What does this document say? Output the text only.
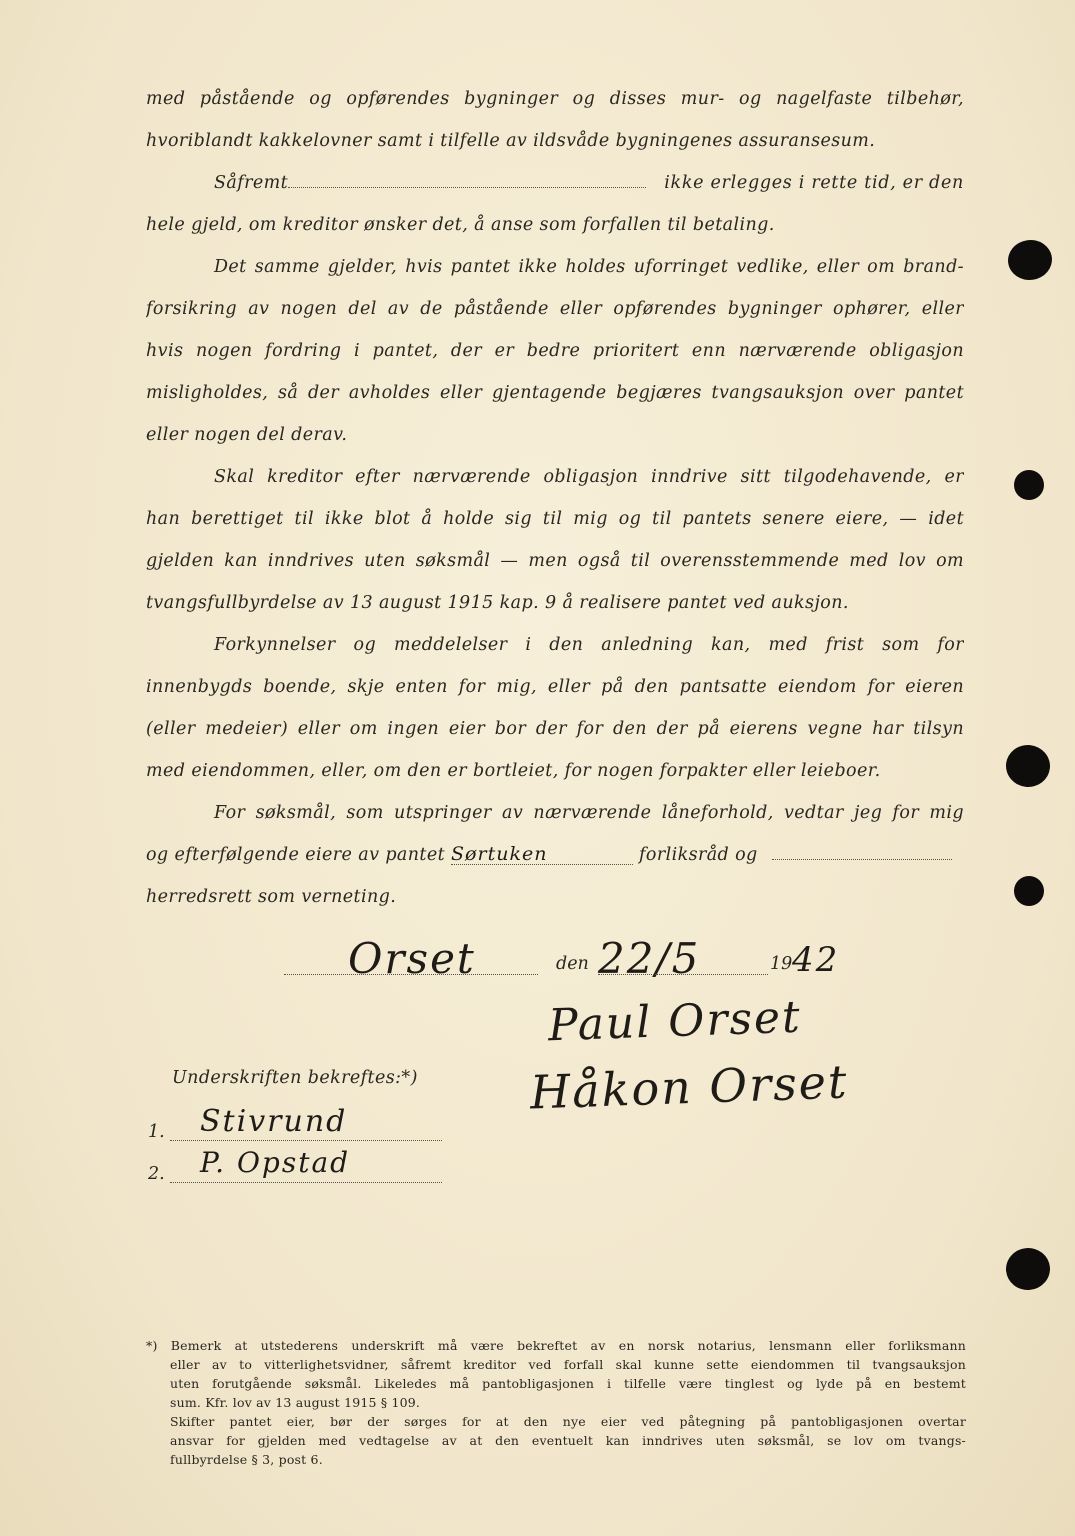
med påstående og opførendes bygninger og disses mur- og nagelfaste tilbehør,
hvoriblandt kakkelovner samt i tilfelle av ildsvåde bygningenes assuransesum.
Såfremt	ikke erlegges i rette tid, er den
hele gjeld, om kreditor ønsker det, å anse som forfallen til betaling.
Det samme gjelder, hvis pantet ikke holdes uforringet vedlike, eller om brand-
forsikring av nogen del av de påstående eller opførendes bygninger ophører, eller
hvis nogen fordring i pantet, der er bedre prioritert enn nærværende obligasjon
misligholdes, så der avholdes eller gjentagende begjæres tvangsauksjon over pantet
eller nogen del derav.
Skal kreditor efter nærværende obligasjon inndrive sitt tilgodehavende, er
han berettiget til ikke blot å holde sig til mig og til pantets senere eiere, — idet
gjelden kan inndrives uten søksmål — men også til overensstemmende med lov om
tvangsfullbyrdelse av 13 august 1915 kap. 9 å realisere pantet ved auksjon.
Forkynnelser og meddelelser i den anledning kan, med frist som for
innenbygds boende, skje enten for mig, eller på den pantsatte eiendom for eieren
(eller medeier) eller om ingen eier bor der for den der på eierens vegne har tilsyn
med eiendommen, eller, om den er bortleiet, for nogen forpakter eller leieboer.
For søksmål, som utspringer av nærværende låneforhold, vedtar jeg for mig
og efterfølgende eiere av pantet Sørtuken	forliksråd og
herredsrett som verneting.
Orset	den 22/5	19 42
Paul Orset
Håkon Orset
Underskriften bekreftes:*)
1. Stivrund
2. P. Opstad
*) Bemerk at utstederens underskrift må være bekreftet av en norsk notarius, lensmann eller forliksmann
eller av to vitterlighetsvidner, såfremt kreditor ved forfall skal kunne sette eiendommen til tvangsauksjon
uten forutgående søksmål. Likeledes må pantobligasjonen i tilfelle være tinglest og lyde på en bestemt
sum. Kfr. lov av 13 august 1915 § 109.
Skifter pantet eier, bør der sørges for at den nye eier ved påtegning på pantobligasjonen overtar
ansvar for gjelden med vedtagelse av at den eventuelt kan inndrives uten søksmål, se lov om tvangs-
fullbyrdelse § 3, post 6.
